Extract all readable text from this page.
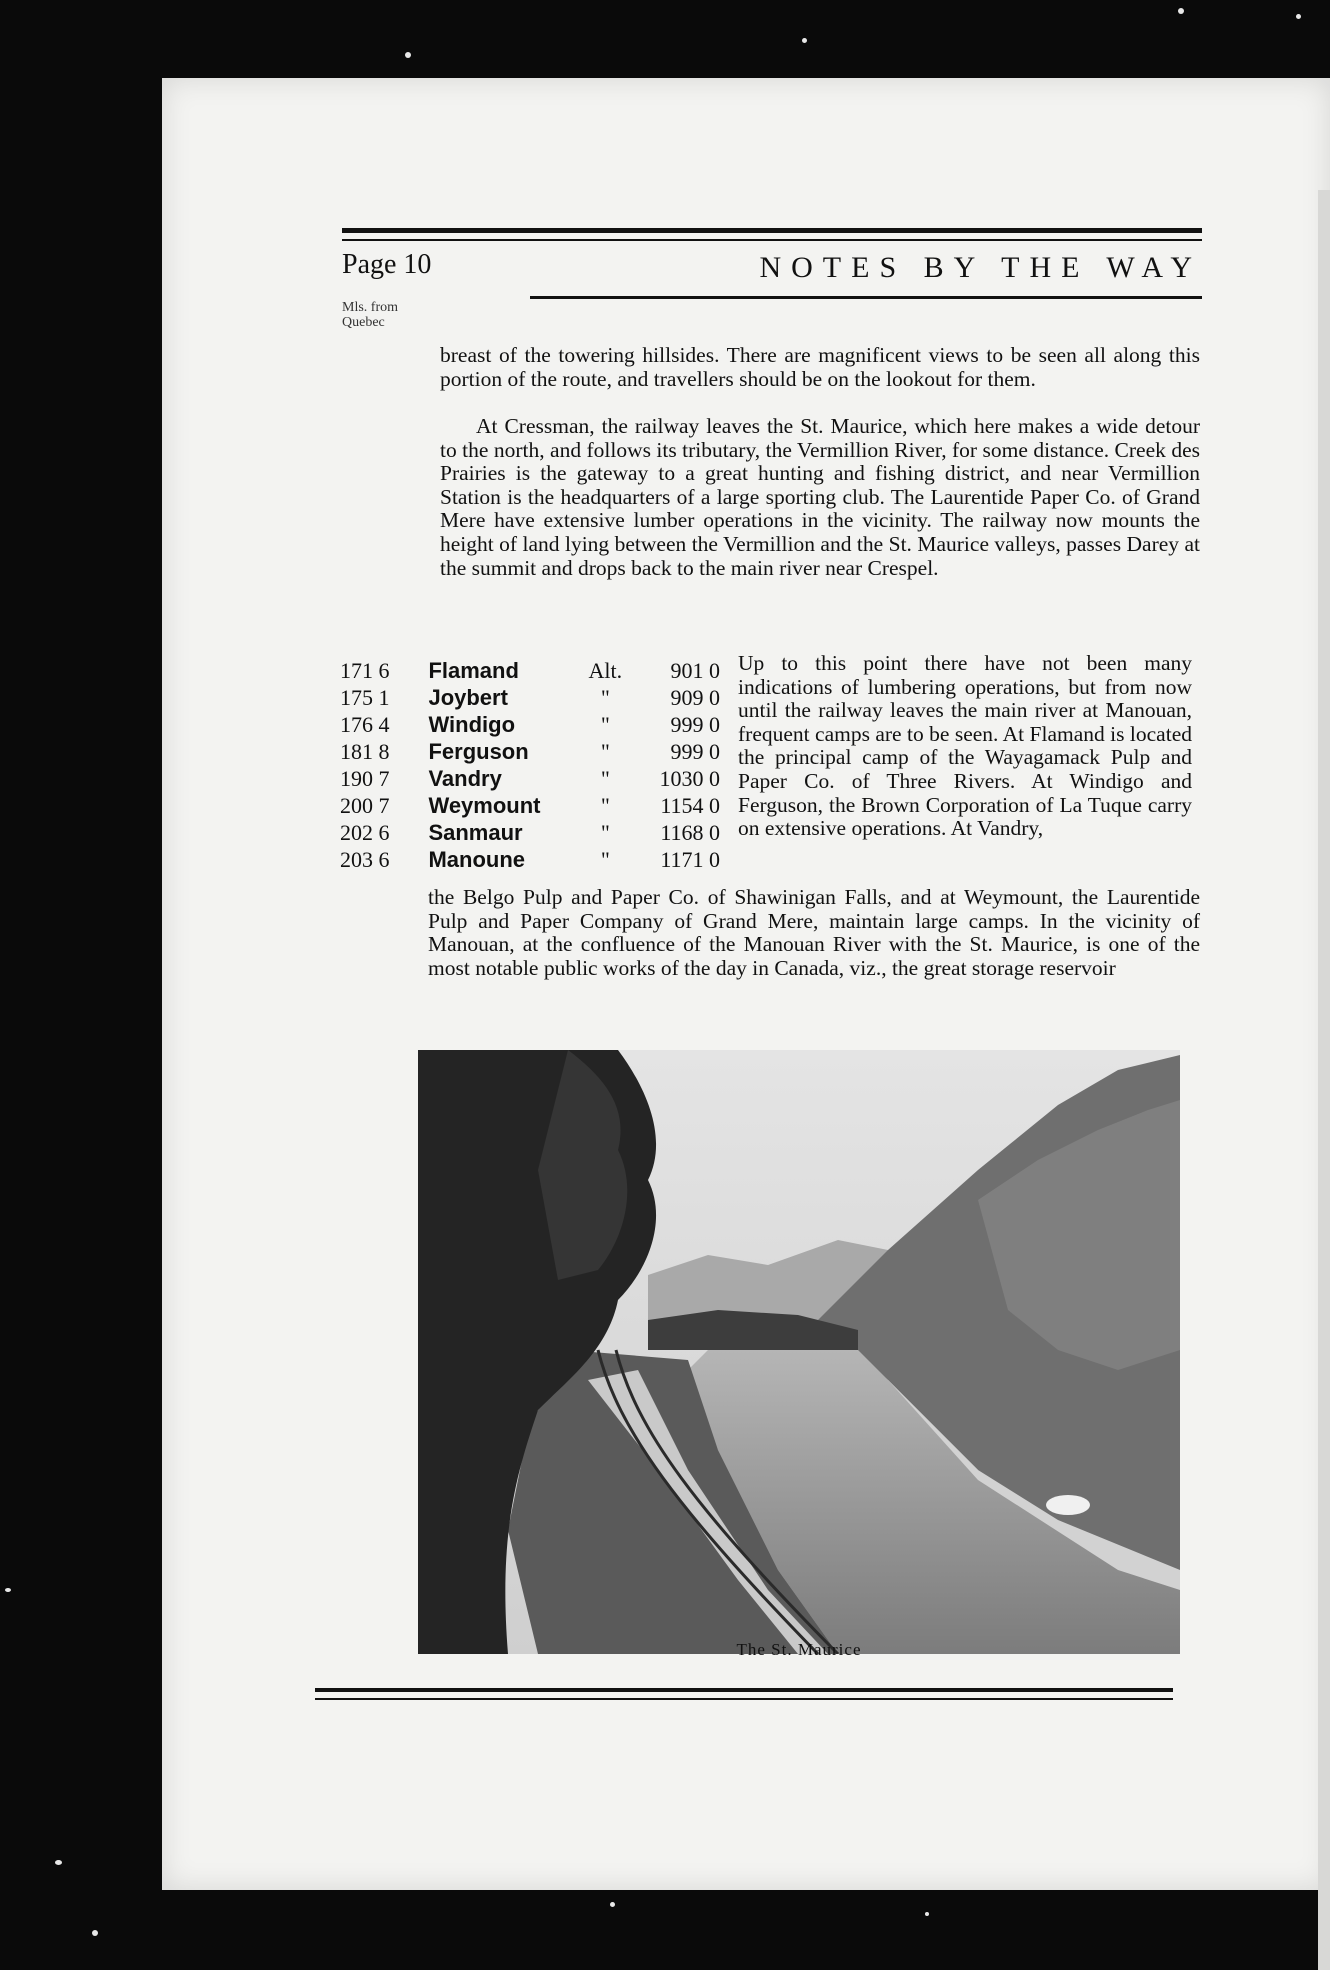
Page 10	NOTES BY THE WAY
Mls. from
Quebec

breast of the towering hillsides. There are magnificent views to be seen all along this portion of the route, and travellers should be on the lookout for them.

At Cressman, the railway leaves the St. Maurice, which here makes a wide detour to the north, and follows its tributary, the Vermillion River, for some distance. Creek des Prairies is the gateway to a great hunting and fishing district, and near Vermillion Station is the headquarters of a large sporting club. The Laurentide Paper Co. of Grand Mere have extensive lumber operations in the vicinity. The railway now mounts the height of land lying between the Vermillion and the St. Maurice valleys, passes Darey at the summit and drops back to the main river near Crespel.

171 6	Flamand	Alt.	901 0
175 1	Joybert	"	909 0
176 4	Windigo	"	999 0
181 8	Ferguson	"	999 0
190 7	Vandry	"	1030 0
200 7	Weymount	"	1154 0
202 6	Sanmaur	"	1168 0
203 6	Manoune	"	1171 0

Up to this point there have not been many indications of lumbering operations, but from now until the railway leaves the main river at Manouan, frequent camps are to be seen. At Flamand is located the principal camp of the Wayagamack Pulp and Paper Co. of Three Rivers. At Windigo and Ferguson, the Brown Corporation of La Tuque carry on extensive operations. At Vandry,

the Belgo Pulp and Paper Co. of Shawinigan Falls, and at Weymount, the Laurentide Pulp and Paper Company of Grand Mere, maintain large camps. In the vicinity of Manouan, at the confluence of the Manouan River with the St. Maurice, is one of the most notable public works of the day in Canada, viz., the great storage reservoir

The St. Maurice
